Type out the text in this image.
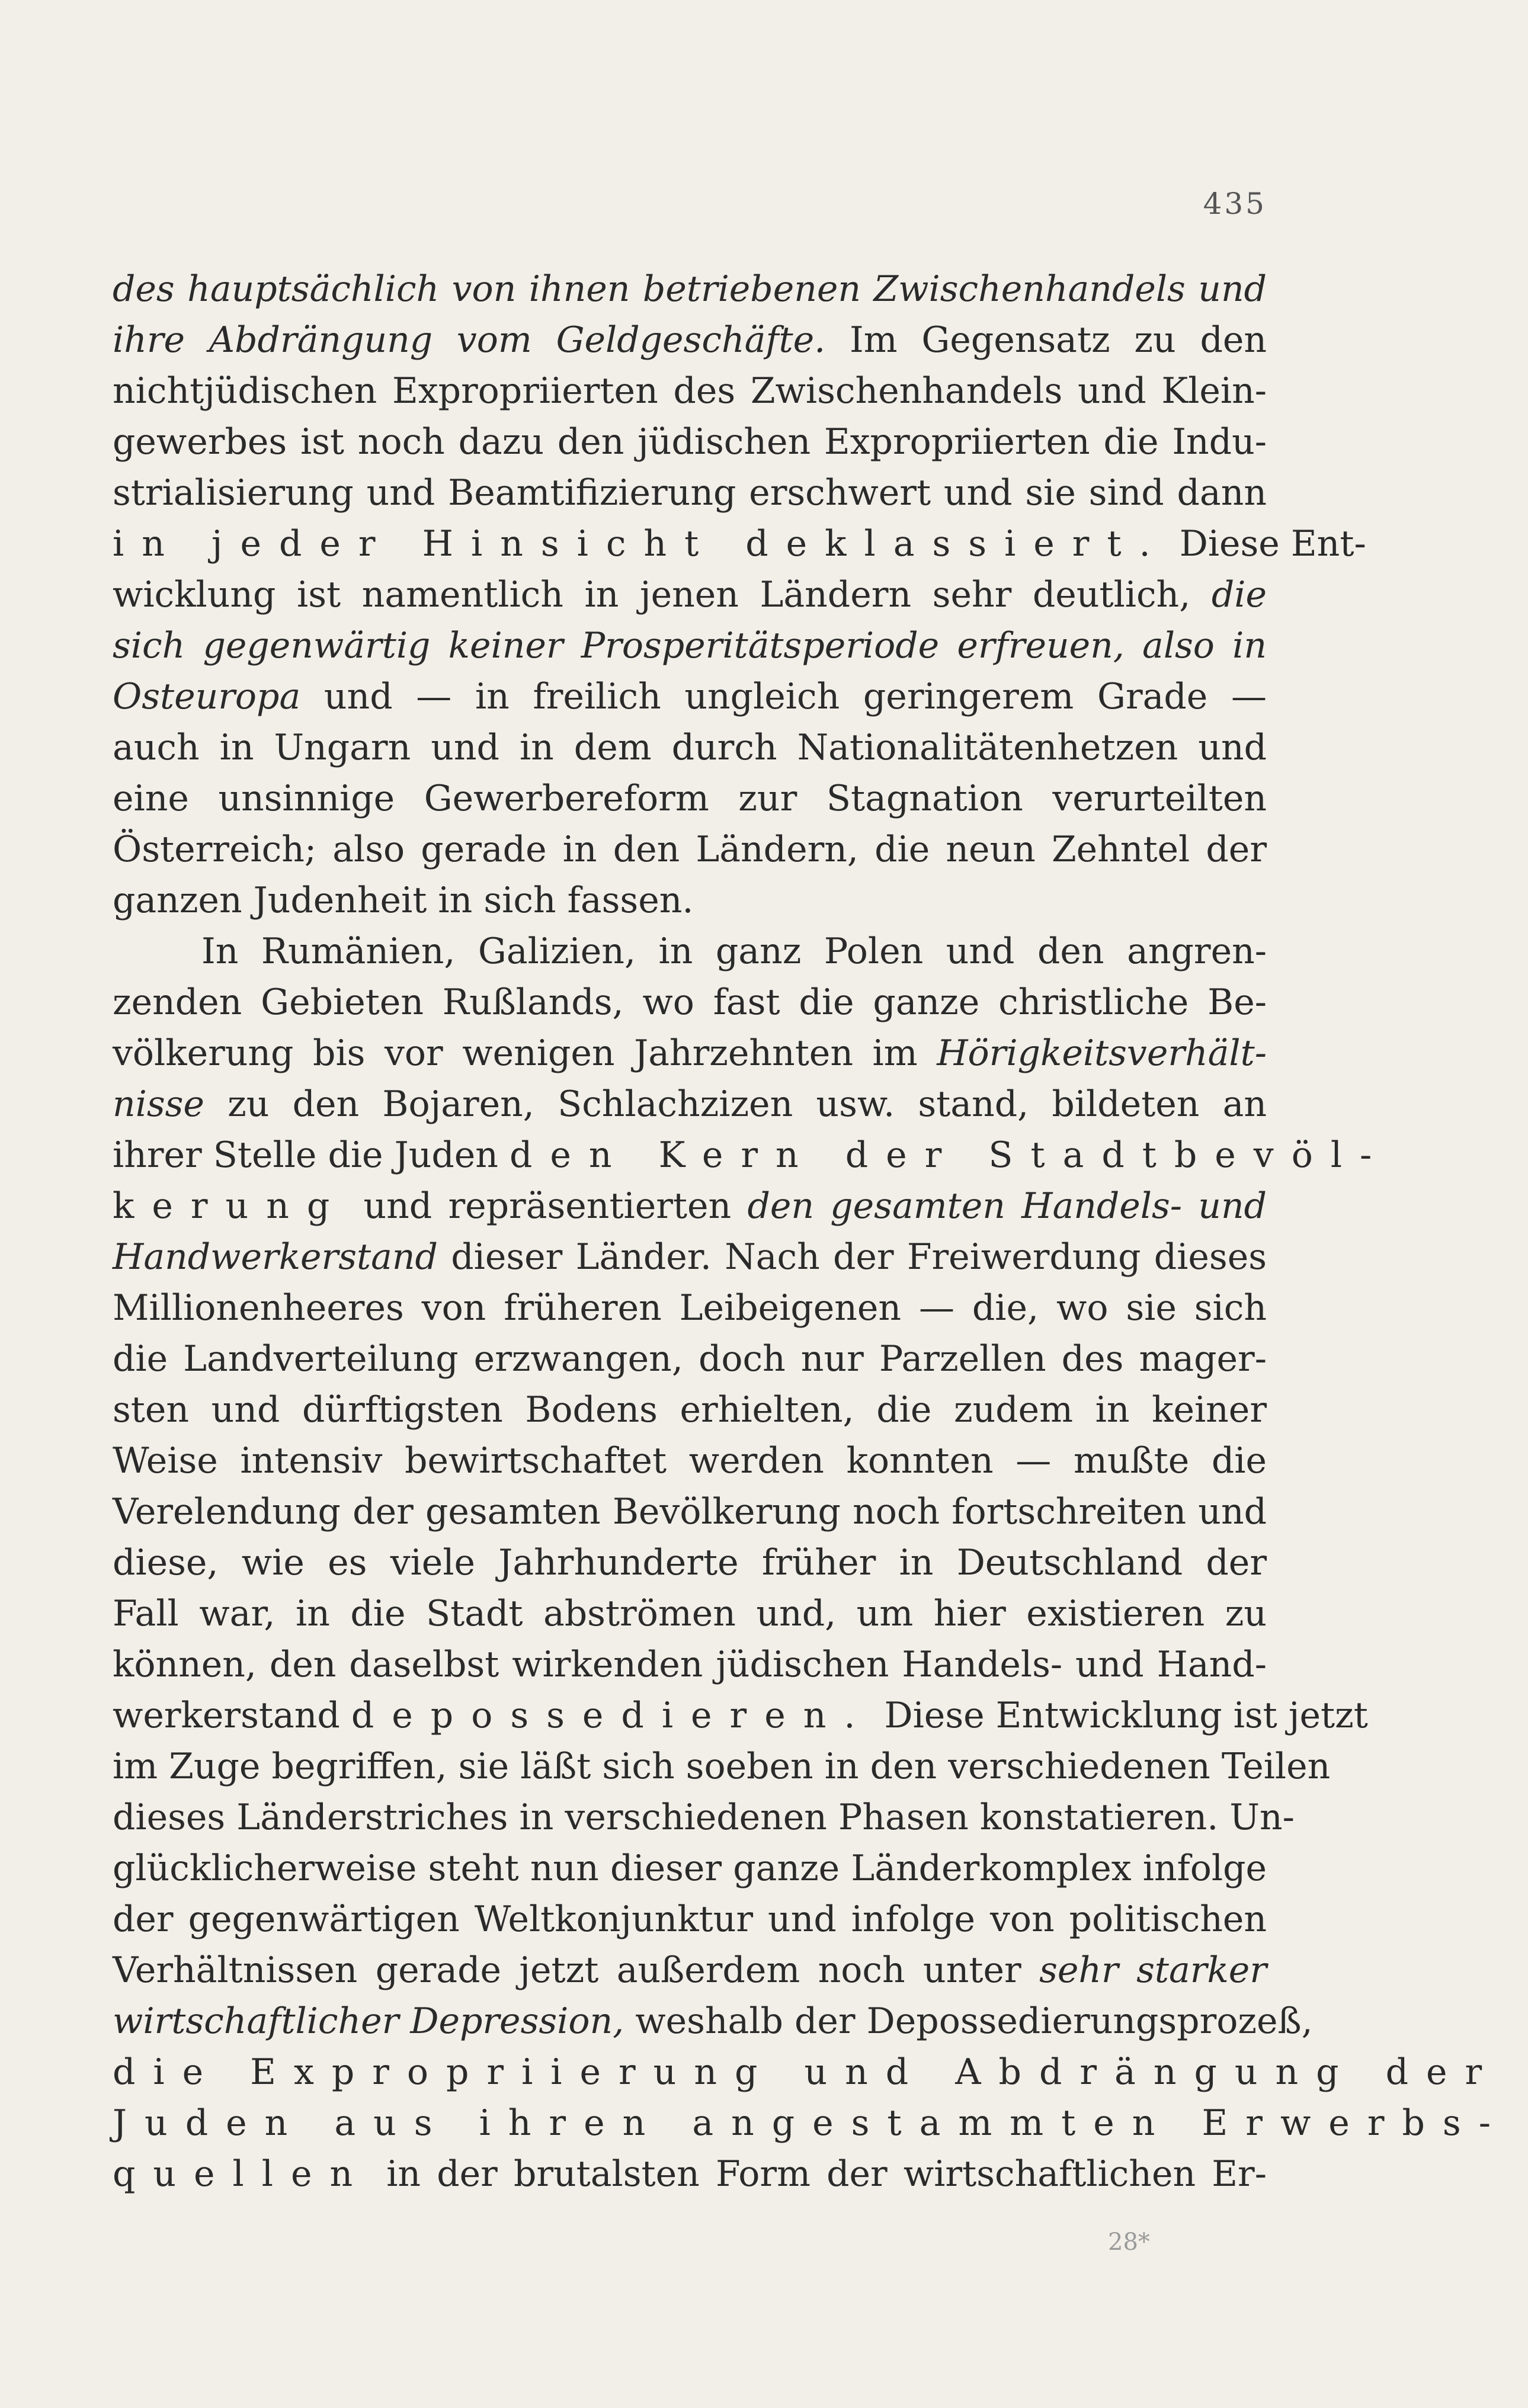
435
des hauptsächlich von ihnen betriebenen Zwischenhandels und
ihre Abdrängung vom Geldgeschäfte. Im Gegensatz zu den
nichtjüdischen Expropriierten des Zwischenhandels und Klein-
gewerbes ist noch dazu den jüdischen Expropriierten die Indu-
strialisierung und Beamtifizierung erschwert und sie sind dann
in jeder Hinsicht deklassiert. Diese Ent-
wicklung ist namentlich in jenen Ländern sehr deutlich, die
sich gegenwärtig keiner Prosperitätsperiode erfreuen, also in
Osteuropa und — in freilich ungleich geringerem Grade —
auch in Ungarn und in dem durch Nationalitätenhetzen und
eine unsinnige Gewerbereform zur Stagnation verurteilten
Österreich; also gerade in den Ländern, die neun Zehntel der
ganzen Judenheit in sich fassen.
In Rumänien, Galizien, in ganz Polen und den angren-
zenden Gebieten Rußlands, wo fast die ganze christliche Be-
völkerung bis vor wenigen Jahrzehnten im Hörigkeitsverhält-
nisse zu den Bojaren, Schlachzizen usw. stand, bildeten an
ihrer Stelle die Juden den Kern der Stadtbevöl-
kerung und repräsentierten den gesamten Handels- und
Handwerkerstand dieser Länder. Nach der Freiwerdung dieses
Millionenheeres von früheren Leibeigenen — die, wo sie sich
die Landverteilung erzwangen, doch nur Parzellen des mager-
sten und dürftigsten Bodens erhielten, die zudem in keiner
Weise intensiv bewirtschaftet werden konnten — mußte die
Verelendung der gesamten Bevölkerung noch fortschreiten und
diese, wie es viele Jahrhunderte früher in Deutschland der
Fall war, in die Stadt abströmen und, um hier existieren zu
können, den daselbst wirkenden jüdischen Handels- und Hand-
werkerstand depossedieren. Diese Entwicklung ist jetzt
im Zuge begriffen, sie läßt sich soeben in den verschiedenen Teilen
dieses Länderstriches in verschiedenen Phasen konstatieren. Un-
glücklicherweise steht nun dieser ganze Länderkomplex infolge
der gegenwärtigen Weltkonjunktur und infolge von politischen
Verhältnissen gerade jetzt außerdem noch unter sehr starker
wirtschaftlicher Depression, weshalb der Depossedierungsprozeß,
die Expropriierung und Abdrängung der
Juden aus ihren angestammten Erwerbs-
quellen in der brutalsten Form der wirtschaftlichen Er-
28*
